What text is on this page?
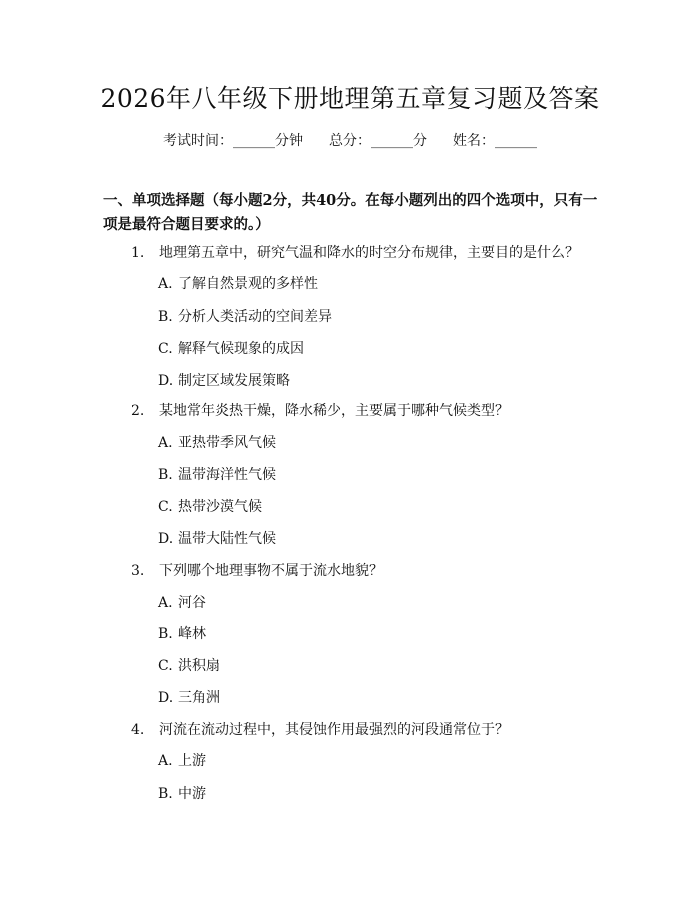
2026年八年级下册地理第五章复习题及答案
考试时间：______分钟 总分：______分 姓名：______
一、单项选择题（每小题2分，共40分。在每小题列出的四个选项中，只有一项是最符合题目要求的。）
1. 地理第五章中，研究气温和降水的时空分布规律，主要目的是什么？
A. 了解自然景观的多样性
B. 分析人类活动的空间差异
C. 解释气候现象的成因
D. 制定区域发展策略
2. 某地常年炎热干燥，降水稀少，主要属于哪种气候类型？
A. 亚热带季风气候
B. 温带海洋性气候
C. 热带沙漠气候
D. 温带大陆性气候
3. 下列哪个地理事物不属于流水地貌？
A. 河谷
B. 峰林
C. 洪积扇
D. 三角洲
4. 河流在流动过程中，其侵蚀作用最强烈的河段通常位于？
A. 上游
B. 中游
